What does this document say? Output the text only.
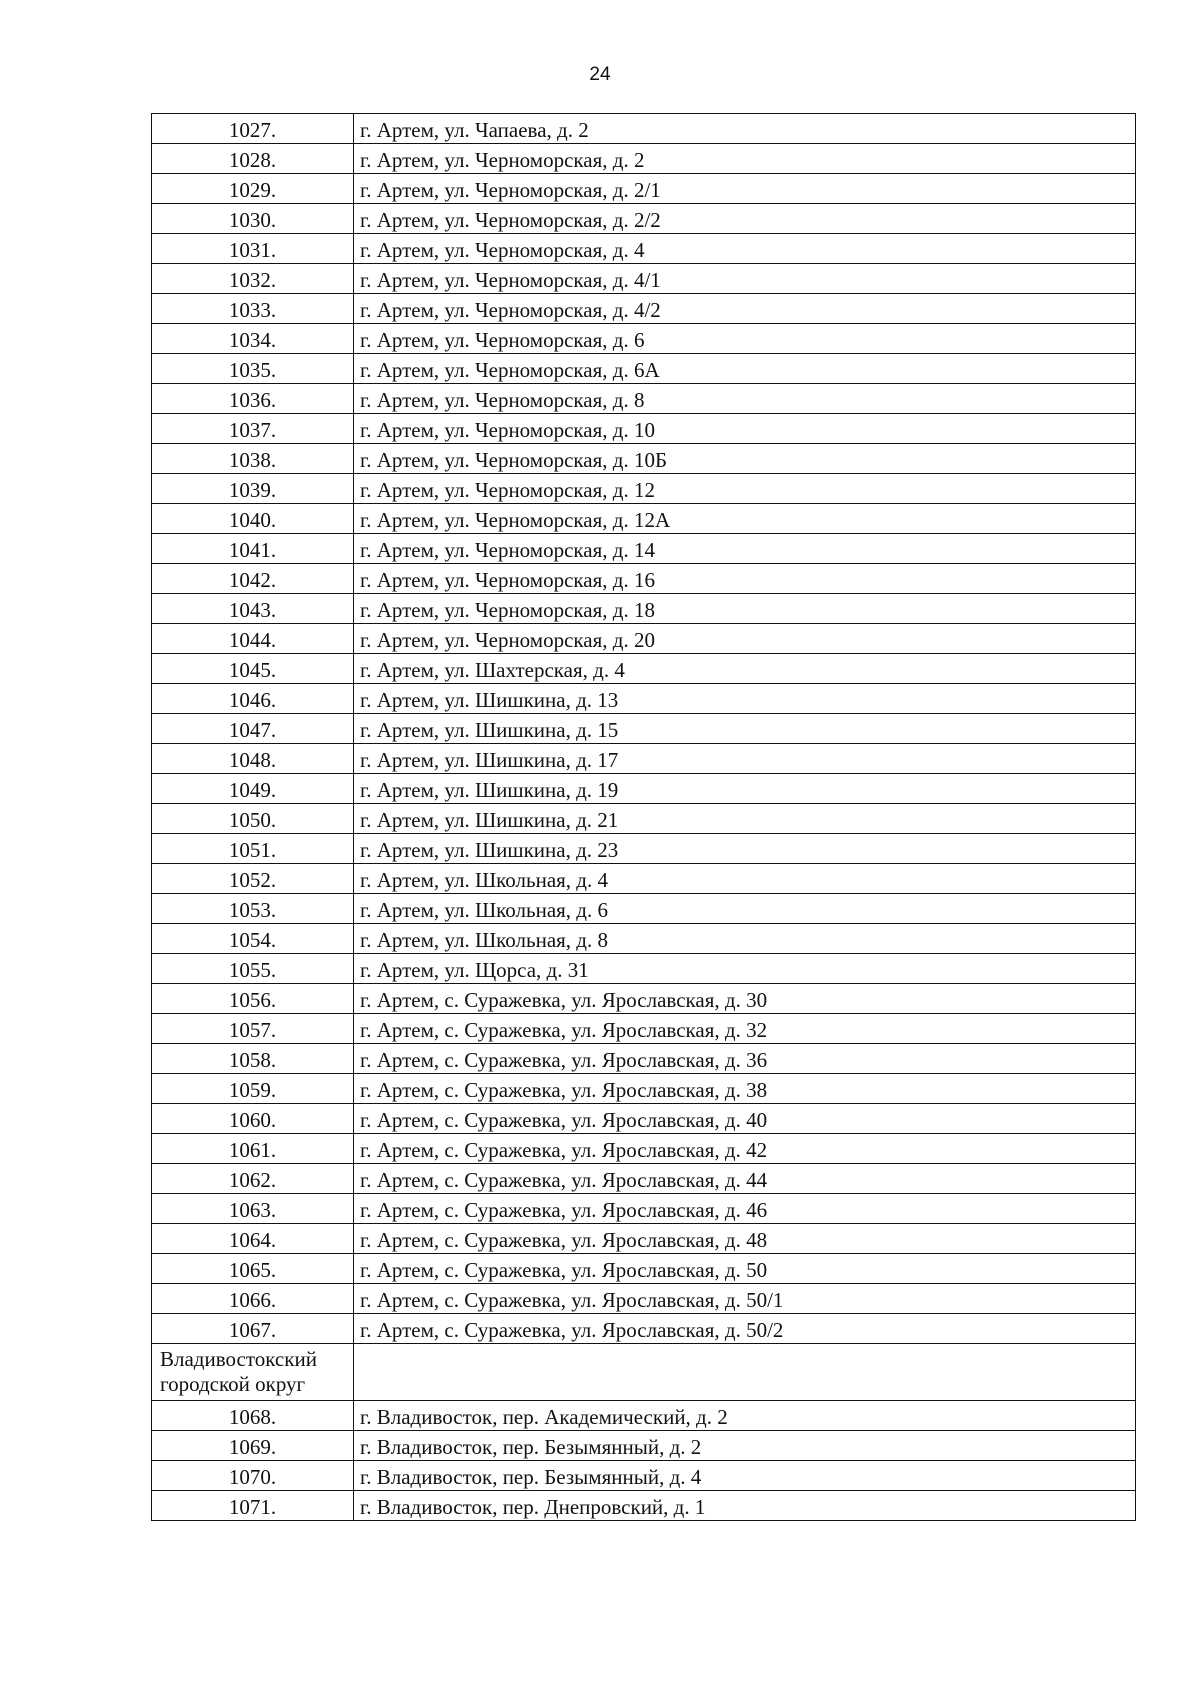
24
1027.	г. Артем, ул. Чапаева, д. 2
1028.	г. Артем, ул. Черноморская, д. 2
1029.	г. Артем, ул. Черноморская, д. 2/1
1030.	г. Артем, ул. Черноморская, д. 2/2
1031.	г. Артем, ул. Черноморская, д. 4
1032.	г. Артем, ул. Черноморская, д. 4/1
1033.	г. Артем, ул. Черноморская, д. 4/2
1034.	г. Артем, ул. Черноморская, д. 6
1035.	г. Артем, ул. Черноморская, д. 6А
1036.	г. Артем, ул. Черноморская, д. 8
1037.	г. Артем, ул. Черноморская, д. 10
1038.	г. Артем, ул. Черноморская, д. 10Б
1039.	г. Артем, ул. Черноморская, д. 12
1040.	г. Артем, ул. Черноморская, д. 12А
1041.	г. Артем, ул. Черноморская, д. 14
1042.	г. Артем, ул. Черноморская, д. 16
1043.	г. Артем, ул. Черноморская, д. 18
1044.	г. Артем, ул. Черноморская, д. 20
1045.	г. Артем, ул. Шахтерская, д. 4
1046.	г. Артем, ул. Шишкина, д. 13
1047.	г. Артем, ул. Шишкина, д. 15
1048.	г. Артем, ул. Шишкина, д. 17
1049.	г. Артем, ул. Шишкина, д. 19
1050.	г. Артем, ул. Шишкина, д. 21
1051.	г. Артем, ул. Шишкина, д. 23
1052.	г. Артем, ул. Школьная, д. 4
1053.	г. Артем, ул. Школьная, д. 6
1054.	г. Артем, ул. Школьная, д. 8
1055.	г. Артем, ул. Щорса, д. 31
1056.	г. Артем, с. Суражевка, ул. Ярославская, д. 30
1057.	г. Артем, с. Суражевка, ул. Ярославская, д. 32
1058.	г. Артем, с. Суражевка, ул. Ярославская, д. 36
1059.	г. Артем, с. Суражевка, ул. Ярославская, д. 38
1060.	г. Артем, с. Суражевка, ул. Ярославская, д. 40
1061.	г. Артем, с. Суражевка, ул. Ярославская, д. 42
1062.	г. Артем, с. Суражевка, ул. Ярославская, д. 44
1063.	г. Артем, с. Суражевка, ул. Ярославская, д. 46
1064.	г. Артем, с. Суражевка, ул. Ярославская, д. 48
1065.	г. Артем, с. Суражевка, ул. Ярославская, д. 50
1066.	г. Артем, с. Суражевка, ул. Ярославская, д. 50/1
1067.	г. Артем, с. Суражевка, ул. Ярославская, д. 50/2

Владивостокский
городской округ	

1068.	г. Владивосток, пер. Академический, д. 2
1069.	г. Владивосток, пер. Безымянный, д. 2
1070.	г. Владивосток, пер. Безымянный, д. 4
1071.	г. Владивосток, пер. Днепровский, д. 1
